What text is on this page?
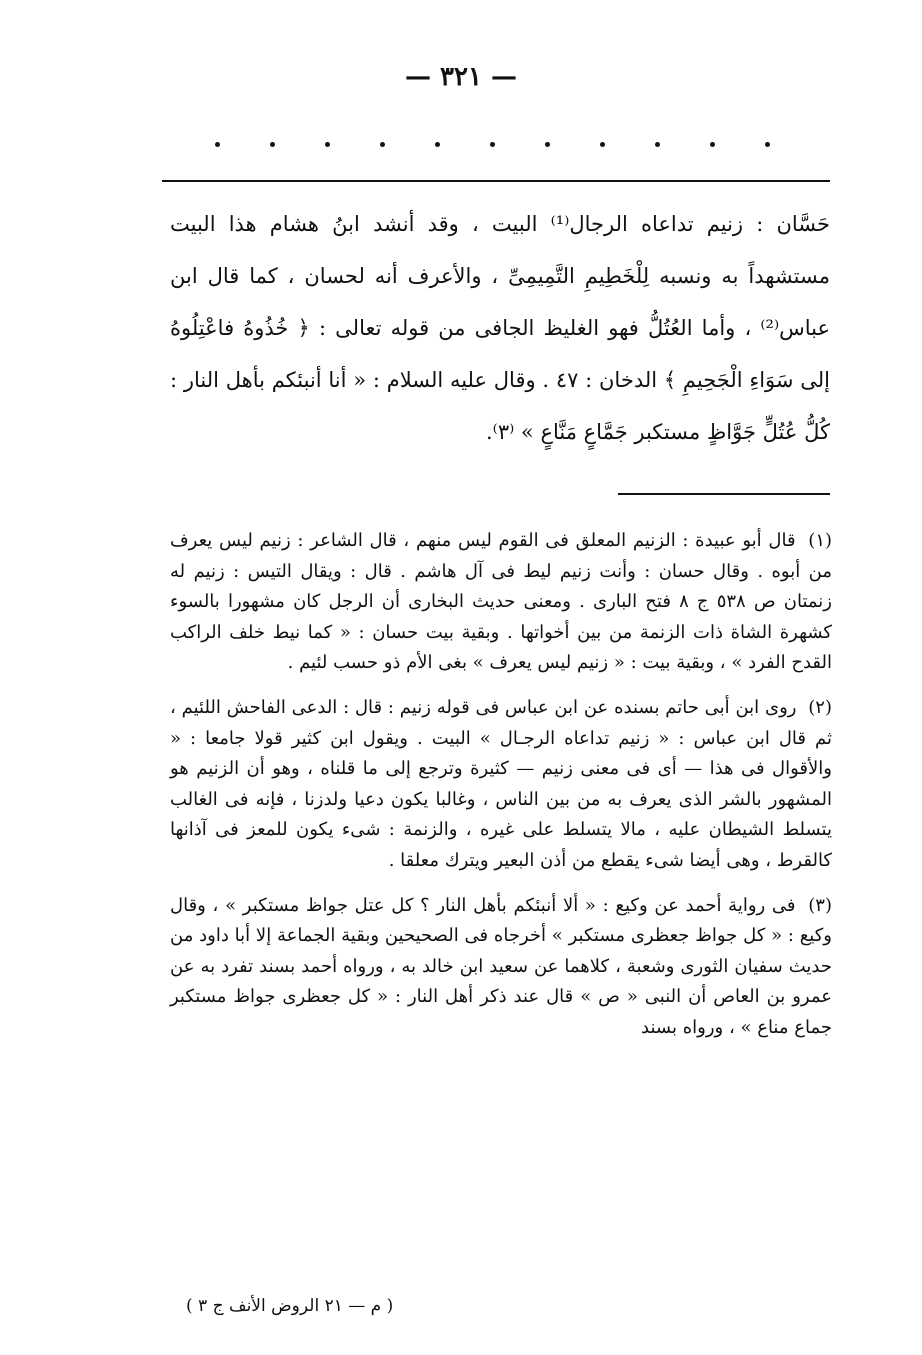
— ٣٢١ —

حَسَّان : زنيم تداعاه الرجال⁽¹⁾ البيت ، وقد أنشد ابنُ هشام هذا البيت مستشهداً به ونسبه لِلْخَطِيمِ التَّمِيمِىِّ ، والأعرف أنه لحسان ، كما قال ابن عباس⁽²⁾ ، وأما العُتُلُّ فهو الغليظ الجافى من قوله تعالى : ﴿ خُذُوهُ فاعْتِلُوهُ إلى سَوَاءِ الْجَحِيمِ ﴾ الدخان : ٤٧ . وقال عليه السلام : « أنا أنبئكم بأهل النار : كُلُّ عُتُلٍّ جَوَّاظٍ مستكبر جَمَّاعٍ مَنَّاعٍ » ⁽٣⁾.

(١) قال أبو عبيدة : الزنيم المعلق فى القوم ليس منهم ، قال الشاعر : زنيم ليس يعرف من أبوه . وقال حسان : وأنت زنيم ليط فى آل هاشم . قال : ويقال التيس : زنيم له زنمتان ص ٥٣٨ ج ٨ فتح البارى . ومعنى حديث البخارى أن الرجل كان مشهورا بالسوء كشهرة الشاة ذات الزنمة من بين أخواتها . وبقية بيت حسان : « كما نيط خلف الراكب القدح الفرد » ، وبقية بيت : « زنيم ليس يعرف » بغى الأم ذو حسب لئيم .

(٢) روى ابن أبى حاتم بسنده عن ابن عباس فى قوله زنيم : قال : الدعى الفاحش اللئيم ، ثم قال ابن عباس : « زنيم تداعاه الرجـال » البيت . ويقول ابن كثير قولا جامعا : « والأقوال فى هذا — أى فى معنى زنيم — كثيرة وترجع إلى ما قلناه ، وهو أن الزنيم هو المشهور بالشر الذى يعرف به من بين الناس ، وغالبا يكون دعيا ولدزنا ، فإنه فى الغالب يتسلط الشيطان عليه ، مالا يتسلط على غيره ، والزنمة : شىء يكون للمعز فى آذانها كالقرط ، وهى أيضا شىء يقطع من أذن البعير ويترك معلقا .

(٣) فى رواية أحمد عن وكيع : « ألا أنبئكم بأهل النار ؟ كل عتل جواظ مستكبر » ، وقال وكيع : « كل جواظ جعظرى مستكبر » أخرجاه فى الصحيحين وبقية الجماعة إلا أبا داود من حديث سفيان الثورى وشعبة ، كلاهما عن سعيد ابن خالد به ، ورواه أحمد بسند تفرد به عن عمرو بن العاص أن النبى « ص » قال عند ذكر أهل النار : « كل جعظرى جواظ مستكبر جماع مناع » ، ورواه بسند

( م — ٢١ الروض الأنف ج ٣ )
